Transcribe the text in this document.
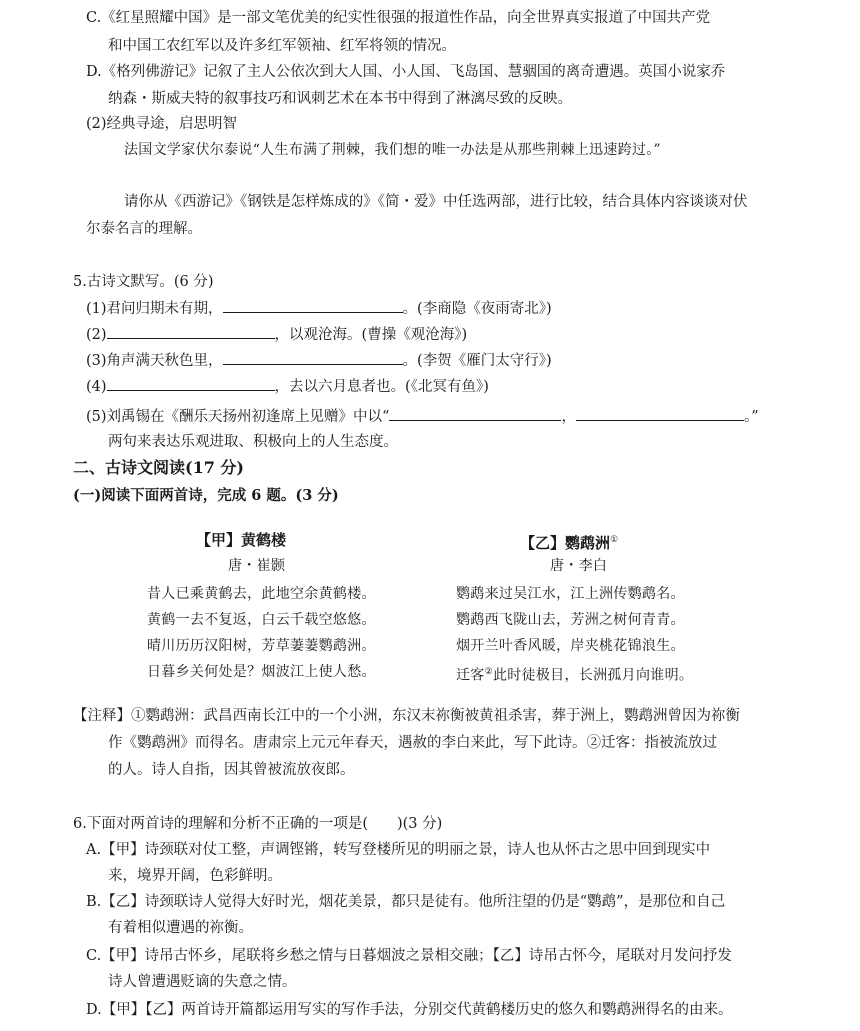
C.《红星照耀中国》是一部文笔优美的纪实性很强的报道性作品，向全世界真实报道了中国共产党
和中国工农红军以及许多红军领袖、红军将领的情况。
D.《格列佛游记》记叙了主人公依次到大人国、小人国、飞岛国、慧骃国的离奇遭遇。英国小说家乔
纳森・斯威夫特的叙事技巧和讽刺艺术在本书中得到了淋漓尽致的反映。
(2)经典寻途，启思明智
法国文学家伏尔泰说“人生布满了荆棘，我们想的唯一办法是从那些荆棘上迅速跨过。”
请你从《西游记》《钢铁是怎样炼成的》《简・爱》中任选两部，进行比较，结合具体内容谈谈对伏
尔泰名言的理解。
5.古诗文默写。(6 分)
(1)君问归期未有期，	。(李商隐《夜雨寄北》)
(2)	，以观沧海。(曹操《观沧海》)
(3)角声满天秋色里，	。(李贺《雁门太守行》)
(4)	，去以六月息者也。(《北冥有鱼》)
(5)刘禹锡在《酬乐天扬州初逢席上见赠》中以“	，	。”
两句来表达乐观进取、积极向上的人生态度。
二、古诗文阅读(17 分)
(一)阅读下面两首诗，完成 6 题。(3 分)
【甲】黄鹤楼
唐・崔颢
昔人已乘黄鹤去，此地空余黄鹤楼。
黄鹤一去不复返，白云千载空悠悠。
晴川历历汉阳树，芳草萋萋鹦鹉洲。
日暮乡关何处是？烟波江上使人愁。
【乙】鹦鹉洲①
唐・李白
鹦鹉来过吴江水，江上洲传鹦鹉名。
鹦鹉西飞陇山去，芳洲之树何青青。
烟开兰叶香风暖，岸夹桃花锦浪生。
迁客②此时徒极目，长洲孤月向谁明。
【注释】①鹦鹉洲：武昌西南长江中的一个小洲，东汉末祢衡被黄祖杀害，葬于洲上，鹦鹉洲曾因为祢衡
作《鹦鹉洲》而得名。唐肃宗上元元年春天，遇赦的李白来此，写下此诗。②迁客：指被流放过
的人。诗人自指，因其曾被流放夜郎。
6.下面对两首诗的理解和分析不正确的一项是(　　)(3 分)
A.【甲】诗颈联对仗工整，声调铿锵，转写登楼所见的明丽之景，诗人也从怀古之思中回到现实中
来，境界开阔，色彩鲜明。
B.【乙】诗颈联诗人觉得大好时光，烟花美景，都只是徒有。他所注望的仍是“鹦鹉”，是那位和自己
有着相似遭遇的祢衡。
C.【甲】诗吊古怀乡，尾联将乡愁之情与日暮烟波之景相交融；【乙】诗吊古怀今，尾联对月发问抒发
诗人曾遭遇贬谪的失意之情。
D.【甲】【乙】两首诗开篇都运用写实的写作手法，分别交代黄鹤楼历史的悠久和鹦鹉洲得名的由来。
